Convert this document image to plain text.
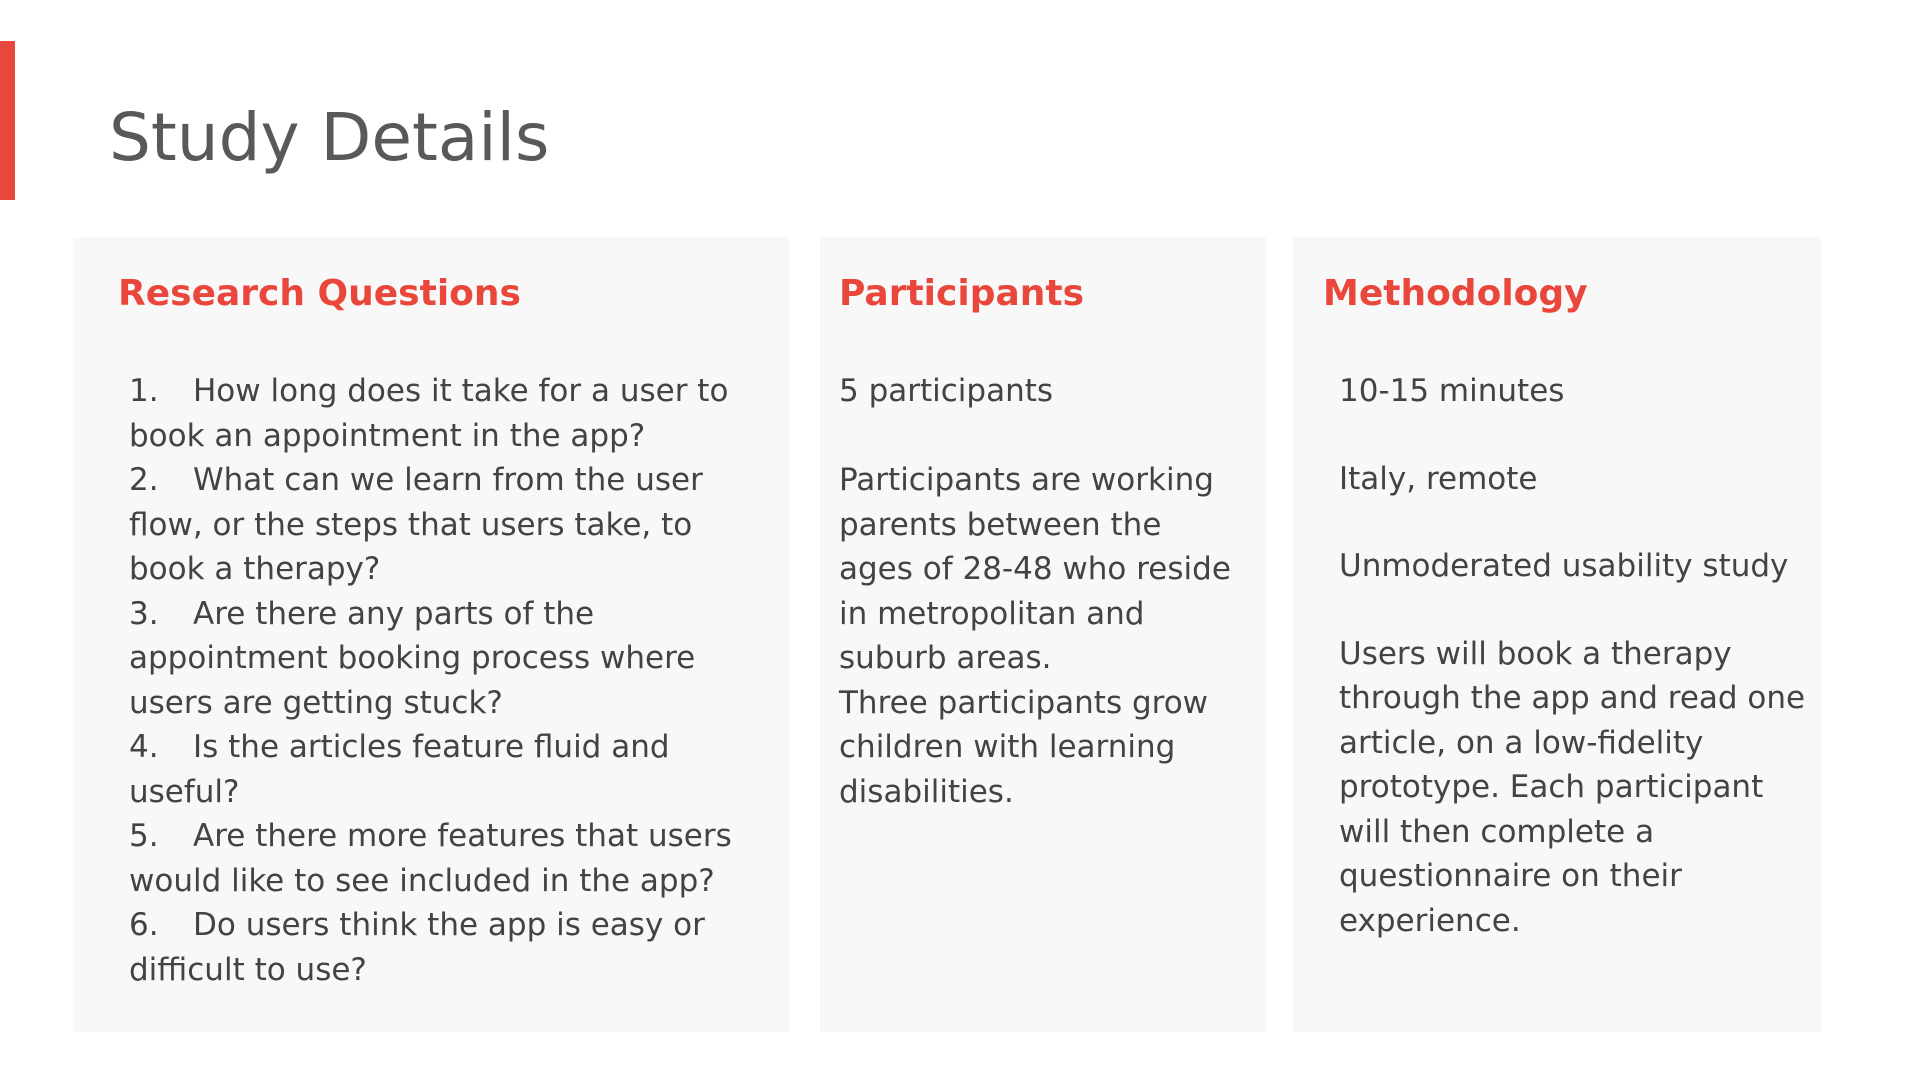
Study Details
Research Questions
1. How long does it take for a user to book an appointment in the app?
2. What can we learn from the user flow, or the steps that users take, to book a therapy?
3. Are there any parts of the appointment booking process where users are getting stuck?
4. Is the articles feature fluid and useful?
5. Are there more features that users would like to see included in the app?
6. Do users think the app is easy or difficult to use?
Participants

5 participants

Participants are working parents between the ages of 28-48 who reside in metropolitan and suburb areas.

Three participants grow children with learning disabilities.

Methodology

10-15 minutes

Italy, remote

Unmoderated usability study

Users will book a therapy through the app and read one article, on a low-fidelity prototype. Each participant will then complete a questionnaire on their experience.
